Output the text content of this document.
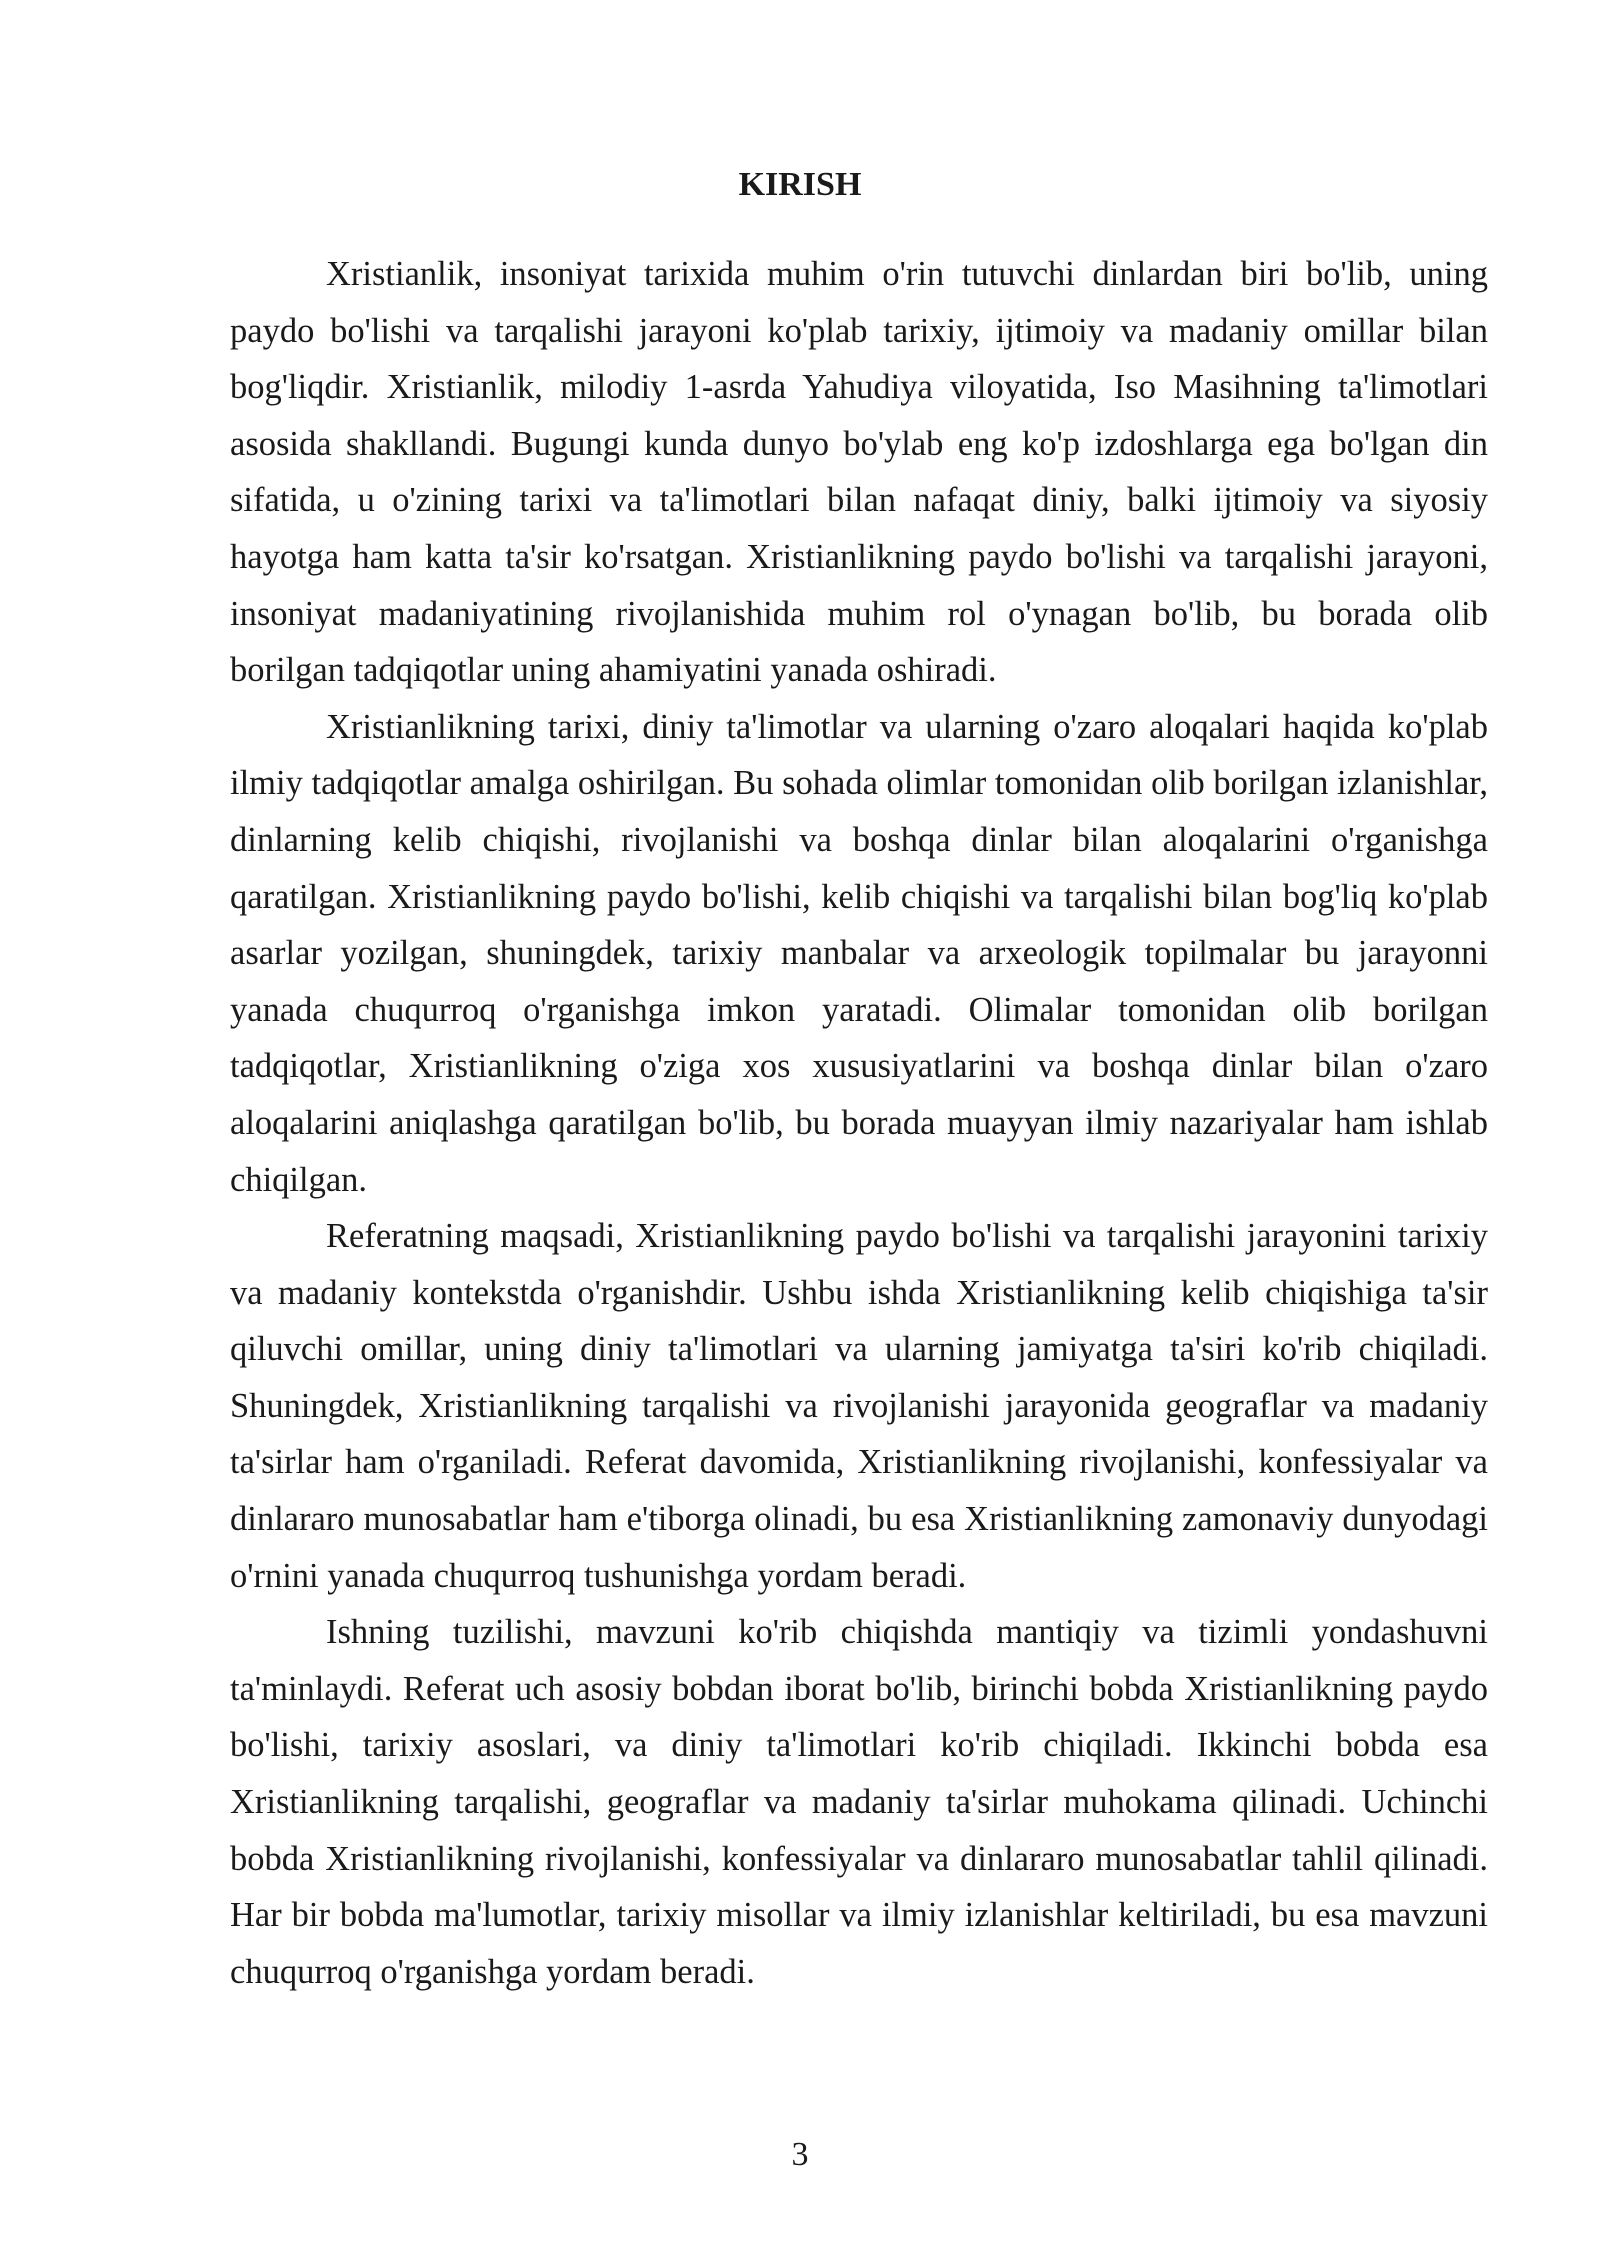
KIRISH

Xristianlik, insoniyat tarixida muhim o'rin tutuvchi dinlardan biri bo'lib, uning paydo bo'lishi va tarqalishi jarayoni ko'plab tarixiy, ijtimoiy va madaniy omillar bilan bog'liqdir. Xristianlik, milodiy 1-asrda Yahudiya viloyatida, Iso Masihning ta'limotlari asosida shakllandi. Bugungi kunda dunyo bo'ylab eng ko'p izdoshlarga ega bo'lgan din sifatida, u o'zining tarixi va ta'limotlari bilan nafaqat diniy, balki ijtimoiy va siyosiy hayotga ham katta ta'sir ko'rsatgan. Xristianlikning paydo bo'lishi va tarqalishi jarayoni, insoniyat madaniyatining rivojlanishida muhim rol o'ynagan bo'lib, bu borada olib borilgan tadqiqotlar uning ahamiyatini yanada oshiradi.

Xristianlikning tarixi, diniy ta'limotlar va ularning o'zaro aloqalari haqida ko'plab ilmiy tadqiqotlar amalga oshirilgan. Bu sohada olimlar tomonidan olib borilgan izlanishlar, dinlarning kelib chiqishi, rivojlanishi va boshqa dinlar bilan aloqalarini o'rganishga qaratilgan. Xristianlikning paydo bo'lishi, kelib chiqishi va tarqalishi bilan bog'liq ko'plab asarlar yozilgan, shuningdek, tarixiy manbalar va arxeologik topilmalar bu jarayonni yanada chuqurroq o'rganishga imkon yaratadi. Olimalar tomonidan olib borilgan tadqiqotlar, Xristianlikning o'ziga xos xususiyatlarini va boshqa dinlar bilan o'zaro aloqalarini aniqlashga qaratilgan bo'lib, bu borada muayyan ilmiy nazariyalar ham ishlab chiqilgan.

Referatning maqsadi, Xristianlikning paydo bo'lishi va tarqalishi jarayonini tarixiy va madaniy kontekstda o'rganishdir. Ushbu ishda Xristianlikning kelib chiqishiga ta'sir qiluvchi omillar, uning diniy ta'limotlari va ularning jamiyatga ta'siri ko'rib chiqiladi. Shuningdek, Xristianlikning tarqalishi va rivojlanishi jarayonida geograflar va madaniy ta'sirlar ham o'rganiladi. Referat davomida, Xristianlikning rivojlanishi, konfessiyalar va dinlararo munosabatlar ham e'tiborga olinadi, bu esa Xristianlikning zamonaviy dunyodagi o'rnini yanada chuqurroq tushunishga yordam beradi.

Ishning tuzilishi, mavzuni ko'rib chiqishda mantiqiy va tizimli yondashuvni ta'minlaydi. Referat uch asosiy bobdan iborat bo'lib, birinchi bobda Xristianlikning paydo bo'lishi, tarixiy asoslari, va diniy ta'limotlari ko'rib chiqiladi. Ikkinchi bobda esa Xristianlikning tarqalishi, geograflar va madaniy ta'sirlar muhokama qilinadi. Uchinchi bobda Xristianlikning rivojlanishi, konfessiyalar va dinlararo munosabatlar tahlil qilinadi. Har bir bobda ma'lumotlar, tarixiy misollar va ilmiy izlanishlar keltiriladi, bu esa mavzuni chuqurroq o'rganishga yordam beradi.

3
